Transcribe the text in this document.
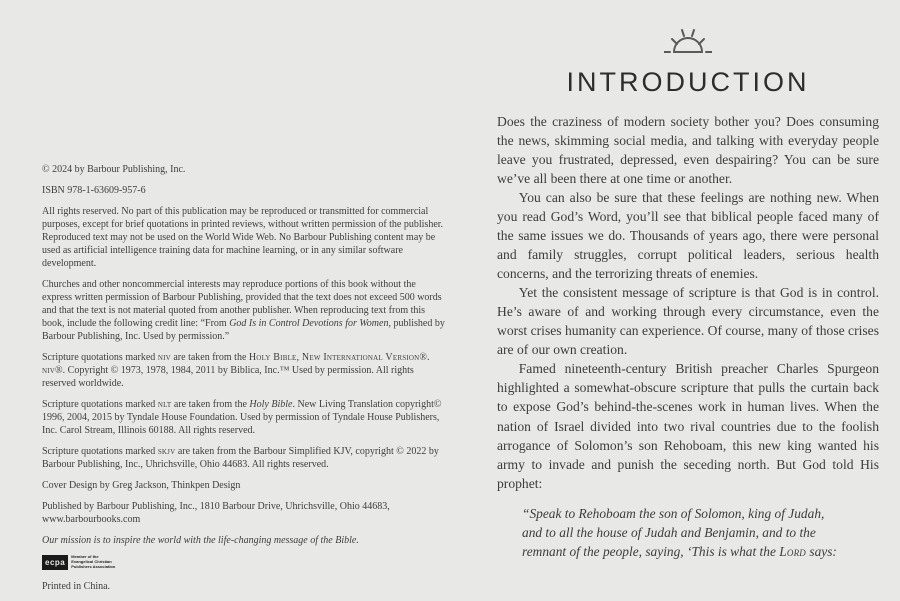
© 2024 by Barbour Publishing, Inc.

ISBN 978-1-63609-957-6

All rights reserved. No part of this publication may be reproduced or transmitted for commercial purposes, except for brief quotations in printed reviews, without written permission of the publisher. Reproduced text may not be used on the World Wide Web. No Barbour Publishing content may be used as artificial intelligence training data for machine learning, or in any similar software development.

Churches and other noncommercial interests may reproduce portions of this book without the express written permission of Barbour Publishing, provided that the text does not exceed 500 words and that the text is not material quoted from another publisher. When reproducing text from this book, include the following credit line: “From God Is in Control Devotions for Women, published by Barbour Publishing, Inc. Used by permission.”

Scripture quotations marked niv are taken from the Holy Bible, New International Version®. niv®. Copyright © 1973, 1978, 1984, 2011 by Biblica, Inc.™ Used by permission. All rights reserved worldwide.

Scripture quotations marked nlt are taken from the Holy Bible. New Living Translation copyright© 1996, 2004, 2015 by Tyndale House Foundation. Used by permission of Tyndale House Publishers, Inc. Carol Stream, Illinois 60188. All rights reserved.

Scripture quotations marked skjv are taken from the Barbour Simplified KJV, copyright © 2022 by Barbour Publishing, Inc., Uhrichsville, Ohio 44683. All rights reserved.

Cover Design by Greg Jackson, Thinkpen Design

Published by Barbour Publishing, Inc., 1810 Barbour Drive, Uhrichsville, Ohio 44683, www.barbourbooks.com

Our mission is to inspire the world with the life-changing message of the Bible.

ecpa
Member of the
Evangelical Christian
Publishers Association

Printed in China.

INTRODUCTION

Does the craziness of modern society bother you? Does consuming the news, skimming social media, and talking with everyday people leave you frustrated, depressed, even despairing? You can be sure we’ve all been there at one time or another.

You can also be sure that these feelings are nothing new. When you read God’s Word, you’ll see that biblical people faced many of the same issues we do. Thousands of years ago, there were personal and family struggles, corrupt political leaders, serious health concerns, and the terrorizing threats of enemies.

Yet the consistent message of scripture is that God is in control. He’s aware of and working through every circumstance, even the worst crises humanity can experience. Of course, many of those crises are of our own creation.

Famed nineteenth-century British preacher Charles Spurgeon highlighted a somewhat-obscure scripture that pulls the curtain back to expose God’s behind-the-scenes work in human lives. When the nation of Israel divided into two rival countries due to the foolish arrogance of Solomon’s son Rehoboam, this new king wanted his army to invade and punish the seceding north. But God told His prophet:

“Speak to Rehoboam the son of Solomon, king of Judah, and to all the house of Judah and Benjamin, and to the remnant of the people, saying, ‘This is what the Lord says:
